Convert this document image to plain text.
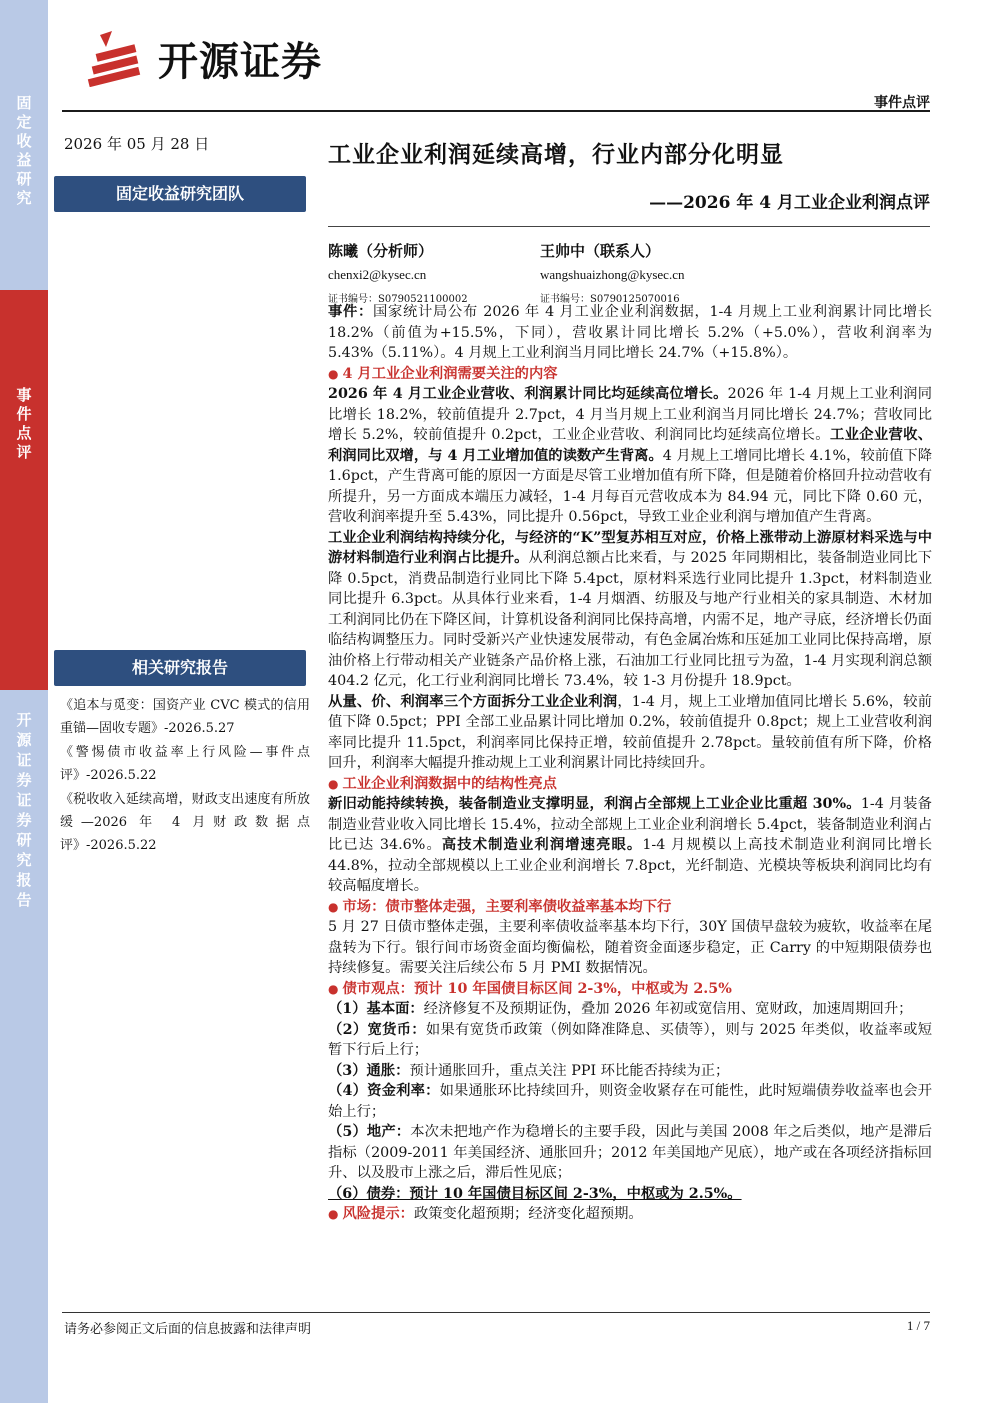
固定收益研究
事件点评
开源证券 证券研究报告
开源证券
事件点评
2026 年 05 月 28 日
固定收益研究团队
相关研究报告

《追本与觅变：国资产业 CVC 模式的信用重锚—固收专题》-2026.5.27

《警惕债市收益率上行风险—事件点评》-2026.5.22

《税收收入延续高增，财政支出速度有所放缓—2026 年 4 月财政数据点评》-2026.5.22

工业企业利润延续高增，行业内部分化明显
——2026 年 4 月工业企业利润点评
陈曦（分析师）
chenxi2@kysec.cn
证书编号：S0790521100002
王帅中（联系人）
wangshuaizhong@kysec.cn
证书编号：S0790125070016

事件：国家统计局公布 2026 年 4 月工业企业利润数据，1-4 月规上工业利润累计同比增长 18.2%（前值为+15.5%，下同），营收累计同比增长 5.2%（+5.0%），营收利润率为 5.43%（5.11%）。4 月规上工业利润当月同比增长 24.7%（+15.8%）。

● 4 月工业企业利润需要关注的内容

2026 年 4 月工业企业营收、利润累计同比均延续高位增长。2026 年 1-4 月规上工业利润同比增长 18.2%，较前值提升 2.7pct，4 月当月规上工业利润当月同比增长 24.7%；营收同比增长 5.2%，较前值提升 0.2pct，工业企业营收、利润同比均延续高位增长。工业企业营收、利润同比双增，与 4 月工业增加值的读数产生背离。4 月规上工增同比增长 4.1%，较前值下降 1.6pct，产生背离可能的原因一方面是尽管工业增加值有所下降，但是随着价格回升拉动营收有所提升，另一方面成本端压力减轻，1-4 月每百元营收成本为 84.94 元，同比下降 0.60 元，营收利润率提升至 5.43%，同比提升 0.56pct，导致工业企业利润与增加值产生背离。

工业企业利润结构持续分化，与经济的“K”型复苏相互对应，价格上涨带动上游原材料采选与中游材料制造行业利润占比提升。从利润总额占比来看，与 2025 年同期相比，装备制造业同比下降 0.5pct，消费品制造行业同比下降 5.4pct，原材料采选行业同比提升 1.3pct，材料制造业同比提升 6.3pct。从具体行业来看，1-4 月烟酒、纺服及与地产行业相关的家具制造、木材加工利润同比仍在下降区间，计算机设备利润同比保持高增，内需不足，地产寻底，经济增长仍面临结构调整压力。同时受新兴产业快速发展带动，有色金属冶炼和压延加工业同比保持高增，原油价格上行带动相关产业链条产品价格上涨，石油加工行业同比扭亏为盈，1-4 月实现利润总额 404.2 亿元，化工行业利润同比增长 73.4%，较 1-3 月份提升 18.9pct。

从量、价、利润率三个方面拆分工业企业利润，1-4 月，规上工业增加值同比增长 5.6%，较前值下降 0.5pct；PPI 全部工业品累计同比增加 0.2%，较前值提升 0.8pct；规上工业营收利润率同比提升 11.5pct，利润率同比保持正增，较前值提升 2.78pct。量较前值有所下降，价格回升，利润率大幅提升推动规上工业利润累计同比持续回升。

● 工业企业利润数据中的结构性亮点

新旧动能持续转换，装备制造业支撑明显，利润占全部规上工业企业比重超 30%。1-4 月装备制造业营业收入同比增长 15.4%，拉动全部规上工业企业利润增长 5.4pct，装备制造业利润占比已达 34.6%。高技术制造业利润增速亮眼。1-4 月规模以上高技术制造业利润同比增长 44.8%，拉动全部规模以上工业企业利润增长 7.8pct，光纤制造、光模块等板块利润同比均有较高幅度增长。

● 市场：债市整体走强，主要利率债收益率基本均下行

5 月 27 日债市整体走强，主要利率债收益率基本均下行，30Y 国债早盘较为疲软，收益率在尾盘转为下行。银行间市场资金面均衡偏松，随着资金面逐步稳定，正 Carry 的中短期限债券也持续修复。需要关注后续公布 5 月 PMI 数据情况。

● 债市观点：预计 10 年国债目标区间 2-3%，中枢或为 2.5%

（1）基本面：经济修复不及预期证伪，叠加 2026 年初或宽信用、宽财政，加速周期回升；

（2）宽货币：如果有宽货币政策（例如降准降息、买债等），则与 2025 年类似，收益率或短暂下行后上行；

（3）通胀：预计通胀回升，重点关注 PPI 环比能否持续为正；

（4）资金利率：如果通胀环比持续回升，则资金收紧存在可能性，此时短端债券收益率也会开始上行；

（5）地产：本次未把地产作为稳增长的主要手段，因此与美国 2008 年之后类似，地产是滞后指标（2009-2011 年美国经济、通胀回升；2012 年美国地产见底），地产或在各项经济指标回升、以及股市上涨之后，滞后性见底；

（6）债券：预计 10 年国债目标区间 2-3%，中枢或为 2.5%。

● 风险提示：政策变化超预期；经济变化超预期。

请务必参阅正文后面的信息披露和法律声明	1 / 7
